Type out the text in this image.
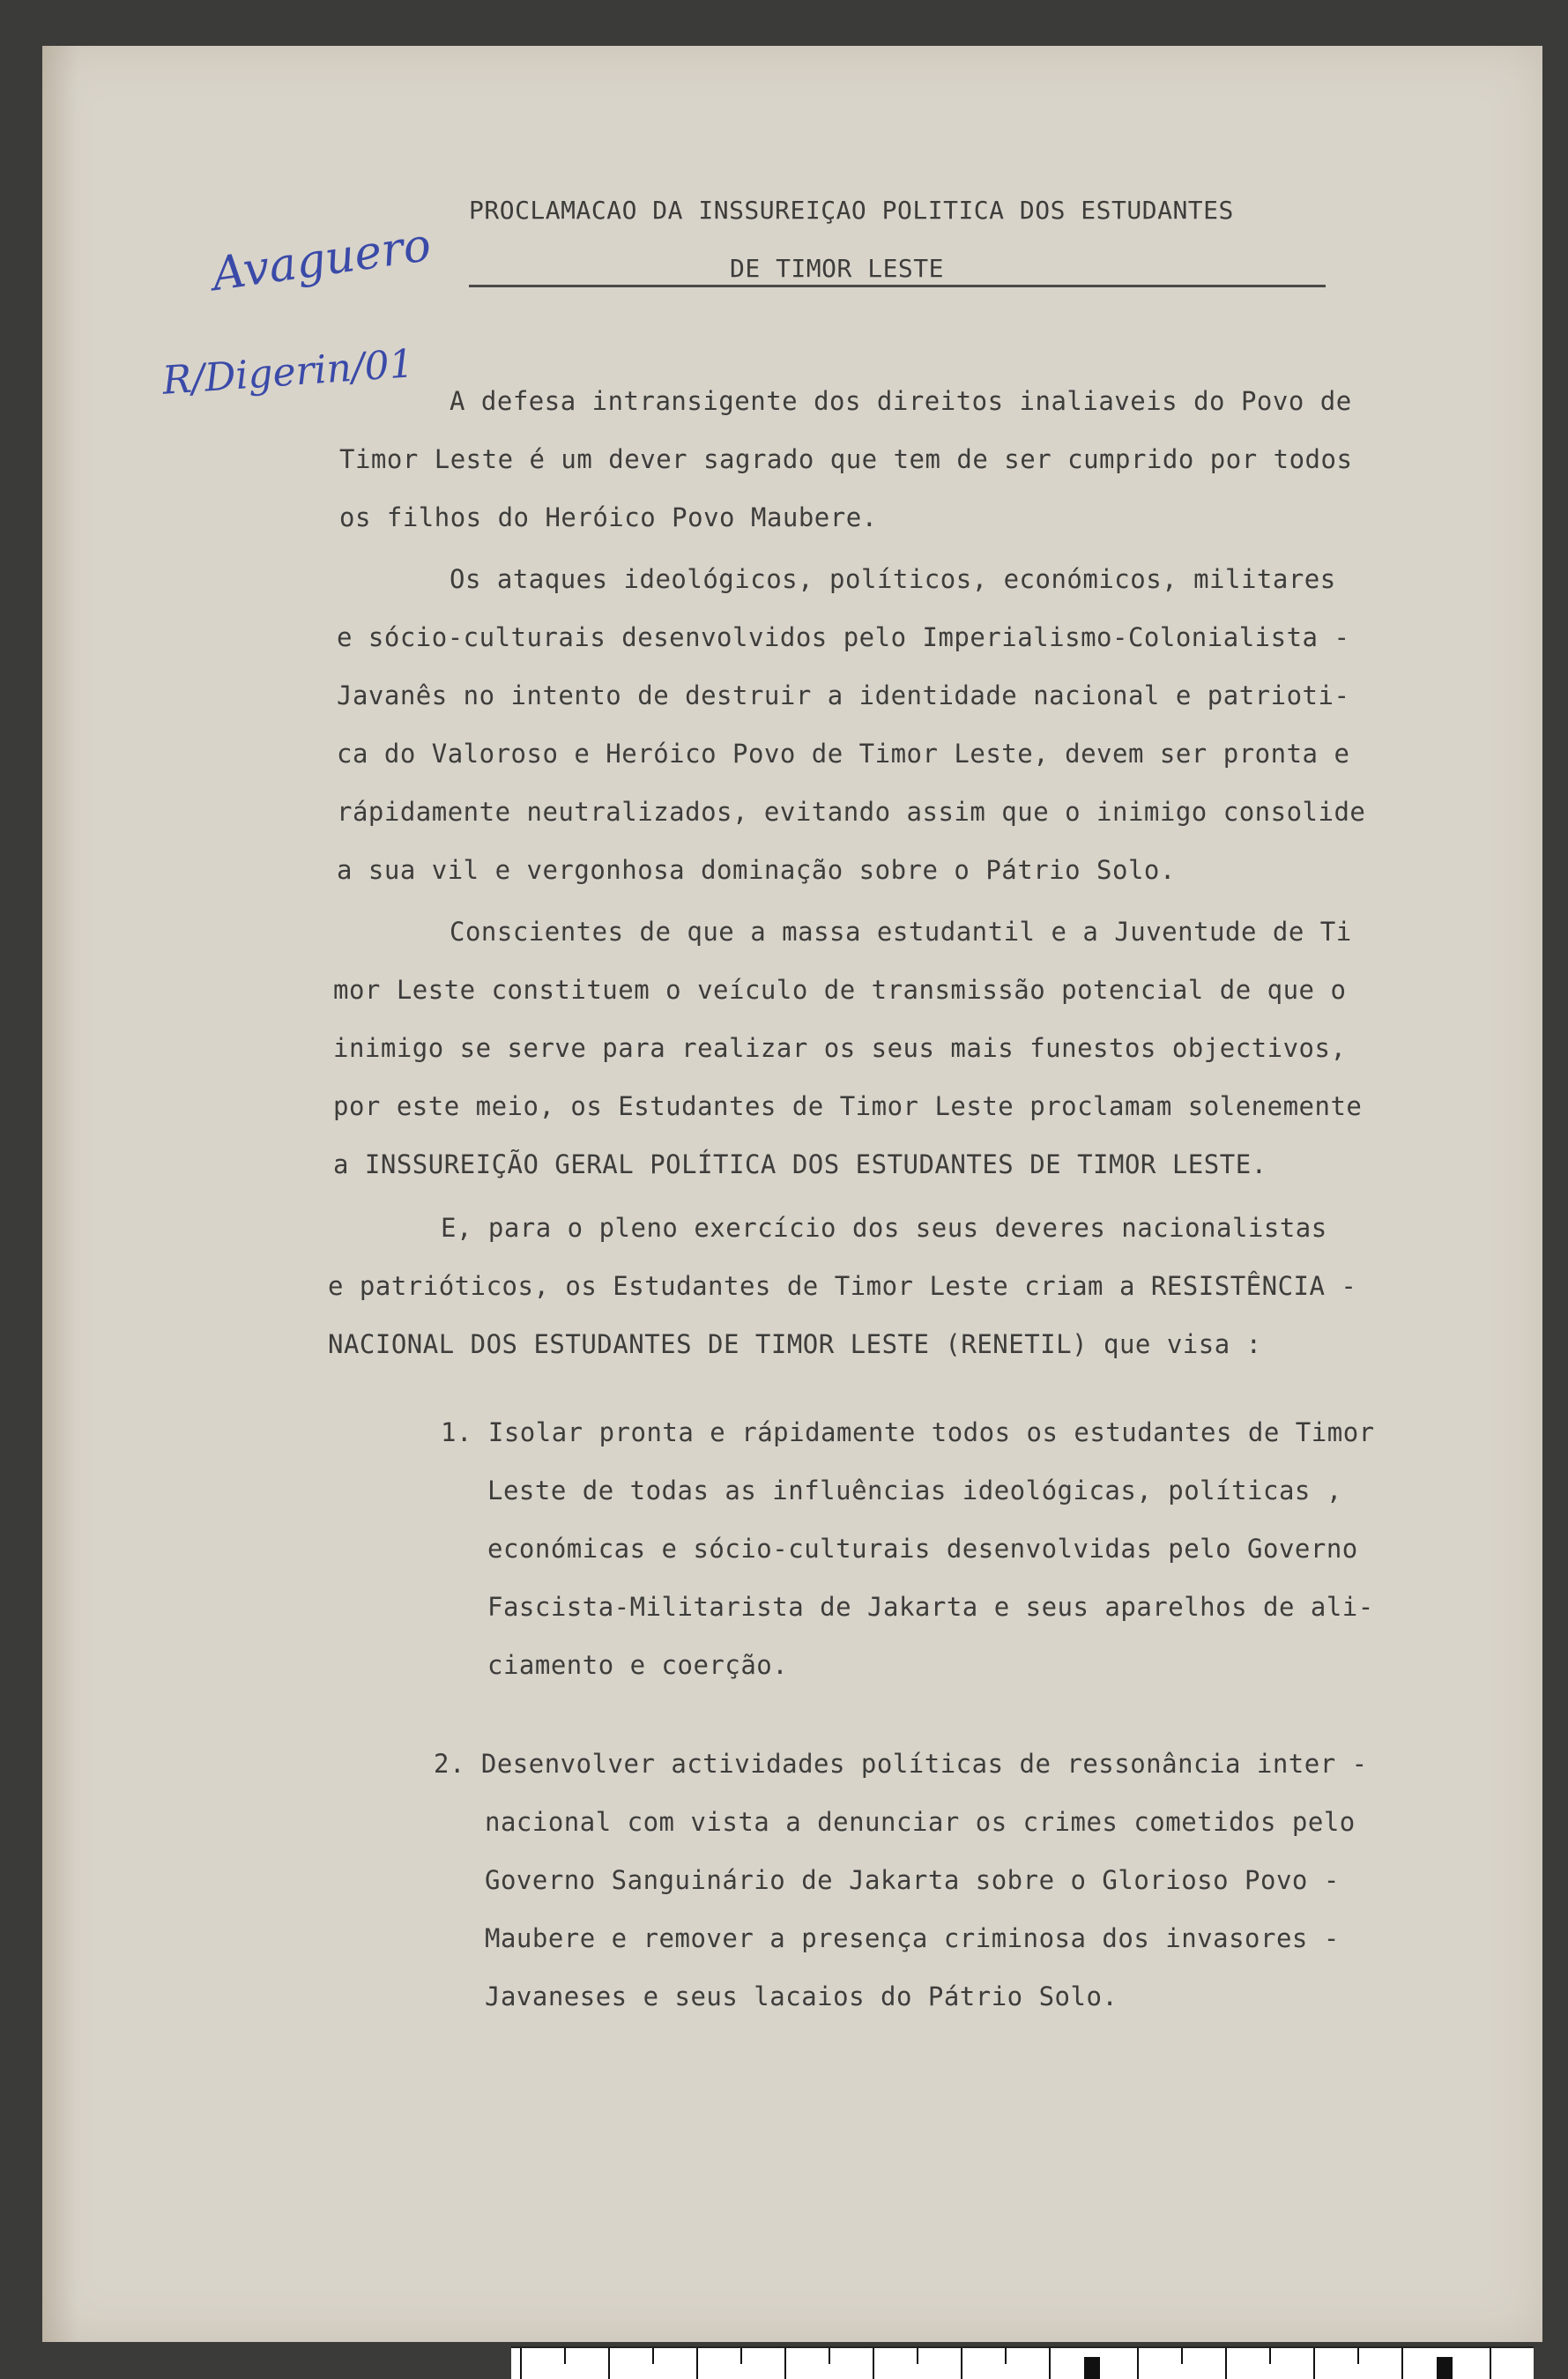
PROCLAMACAO DA INSSUREIÇAO POLITICA DOS ESTUDANTES

DE TIMOR LESTE

Avaguero
R/Digerin/01 A defesa intransigente dos direitos inaliaveis do Povo de

Timor Leste é um dever sagrado que tem de ser cumprido por todos

os filhos do Heróico Povo Maubere.

Os ataques ideológicos, políticos, económicos, militares

e sócio-culturais desenvolvidos pelo Imperialismo-Colonialista -

Javanês no intento de destruir a identidade nacional e patrioti-

ca do Valoroso e Heróico Povo de Timor Leste, devem ser pronta e

rápidamente neutralizados, evitando assim que o inimigo consolide

a sua vil e vergonhosa dominação sobre o Pátrio Solo.

Conscientes de que a massa estudantil e a Juventude de Ti

mor Leste constituem o veículo de transmissão potencial de que o

inimigo se serve para realizar os seus mais funestos objectivos,

por este meio, os Estudantes de Timor Leste proclamam solenemente

a INSSUREIÇÃO GERAL POLÍTICA DOS ESTUDANTES DE TIMOR LESTE.

E, para o pleno exercício dos seus deveres nacionalistas

e patrióticos, os Estudantes de Timor Leste criam a RESISTÊNCIA -

NACIONAL DOS ESTUDANTES DE TIMOR LESTE (RENETIL) que visa :

1. Isolar pronta e rápidamente todos os estudantes de Timor

Leste de todas as influências ideológicas, políticas ,

económicas e sócio-culturais desenvolvidas pelo Governo

Fascista-Militarista de Jakarta e seus aparelhos de ali-

ciamento e coerção.

2. Desenvolver actividades políticas de ressonância inter -

nacional com vista a denunciar os crimes cometidos pelo

Governo Sanguinário de Jakarta sobre o Glorioso Povo -

Maubere e remover a presença criminosa dos invasores -

Javaneses e seus lacaios do Pátrio Solo.
